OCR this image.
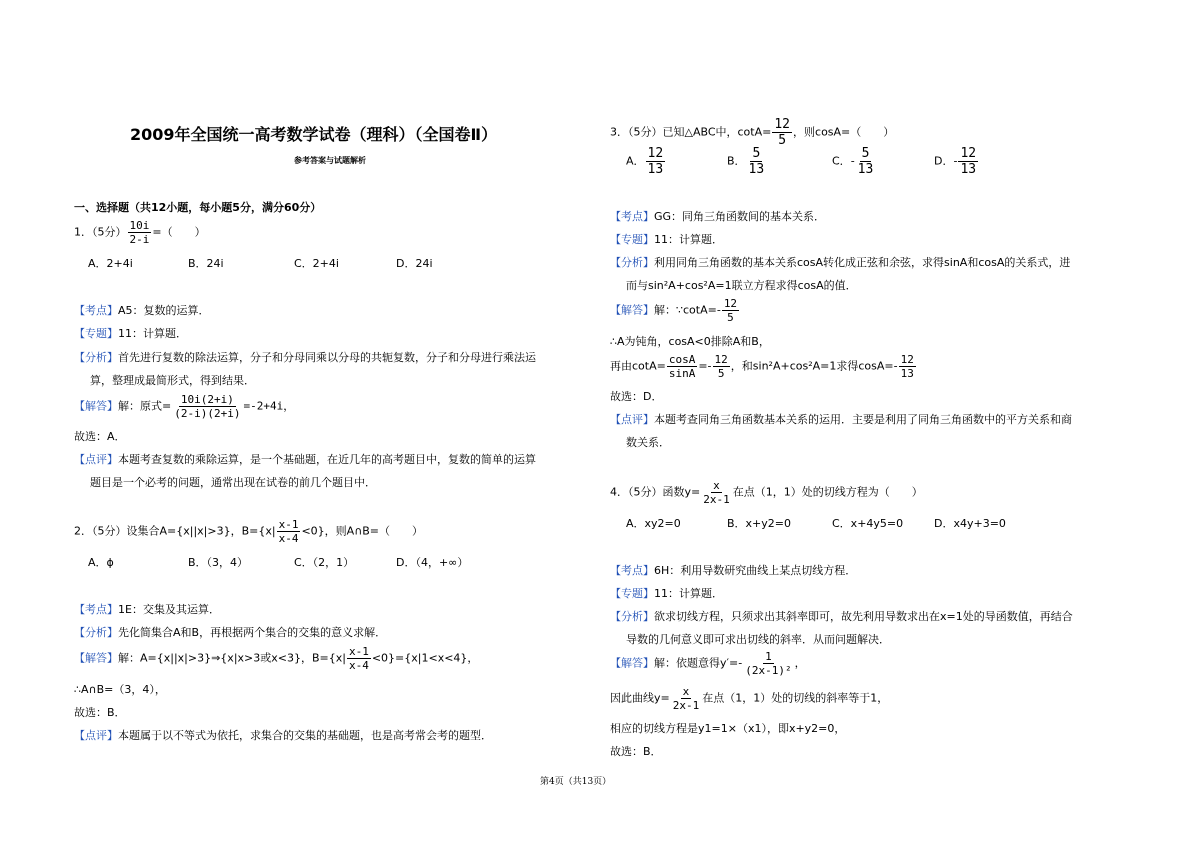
2009年全国统一高考数学试卷（理科）（全国卷Ⅱ）
参考答案与试题解析
一、选择题（共12小题，每小题5分，满分60分）
1．（5分） $\frac{10i}{2-i}$ =（　　）
A．2+4i	B．24i	C．2+4i	D．24i
【考点】A5：复数的运算．
【专题】11：计算题．
【分析】首先进行复数的除法运算，分子和分母同乘以分母的共轭复数，分子和分母进行乘法运
算，整理成最简形式，得到结果．
【解答】解：原式= $\frac{10i(2+i)}{(2-i)(2+i)} =-2+4i$，
故选：A．
【点评】本题考查复数的乘除运算，是一个基础题，在近几年的高考题目中，复数的简单的运算
题目是一个必考的问题，通常出现在试卷的前几个题目中．
2．（5分）设集合A={x||x|>3}，$B=\{x| \frac{x-1}{x-4} <0\}$，则A∩B=（　　）
A．ϕ	B．（3，4）	C．（2，1）	D．（4，+∞）
【考点】1E：交集及其运算．
【分析】先化简集合A和B，再根据两个集合的交集的意义求解．
【解答】解：A={x||x|>3}⇒{x|x>3或x<3}，$B=\{x| \frac{x-1}{x-4} <0\}=\{x|1<x<4\}$，
∴A∩B=（3，4），
故选：B．
【点评】本题属于以不等式为依托，求集合的交集的基础题，也是高考常会考的题型．
3．（5分）已知△ABC中，$\cot A= \frac{12}{5}$ ，则cosA=（　　）
A． $\frac{12}{13}$	B． $\frac{5}{13}$	C．- $\frac{5}{13}$	D．- $\frac{12}{13}$
【考点】GG：同角三角函数间的基本关系．
【专题】11：计算题．
【分析】利用同角三角函数的基本关系cosA转化成正弦和余弦，求得sinA和cosA的关系式，进
而与sin²A+cos²A=1联立方程求得cosA的值．
【解答】解：∵cotA=- $\frac{12}{5}$
∴A为钝角，cosA<0排除A和B，
再由$\cot A= \frac{\cos A}{\sin A} =- \frac{12}{5}$ ，和sin²A+cos²A=1求得$\cos A=- \frac{12}{13}$
故选：D．
【点评】本题考查同角三角函数基本关系的运用．主要是利用了同角三角函数中的平方关系和商
数关系．
4．（5分）函数$y= \frac{x}{2x-1}$ 在点（1，1）处的切线方程为（　　）
A．xy2=0	B．x+y2=0	C．x+4y5=0	D．x4y+3=0
【考点】6H：利用导数研究曲线上某点切线方程．
【专题】11：计算题．
【分析】欲求切线方程，只须求出其斜率即可，故先利用导数求出在x=1处的导函数值，再结合
导数的几何意义即可求出切线的斜率．从而问题解决．
【解答】解：依题意得$y'=- \frac{1}{\text{(2x-1)²}}$ ，
因此曲线$y= \frac{x}{2x-1}$ 在点（1，1）处的切线的斜率等于1，
相应的切线方程是y1=1×（x1），即x+y2=0，
故选：B．
第4页（共13页）
